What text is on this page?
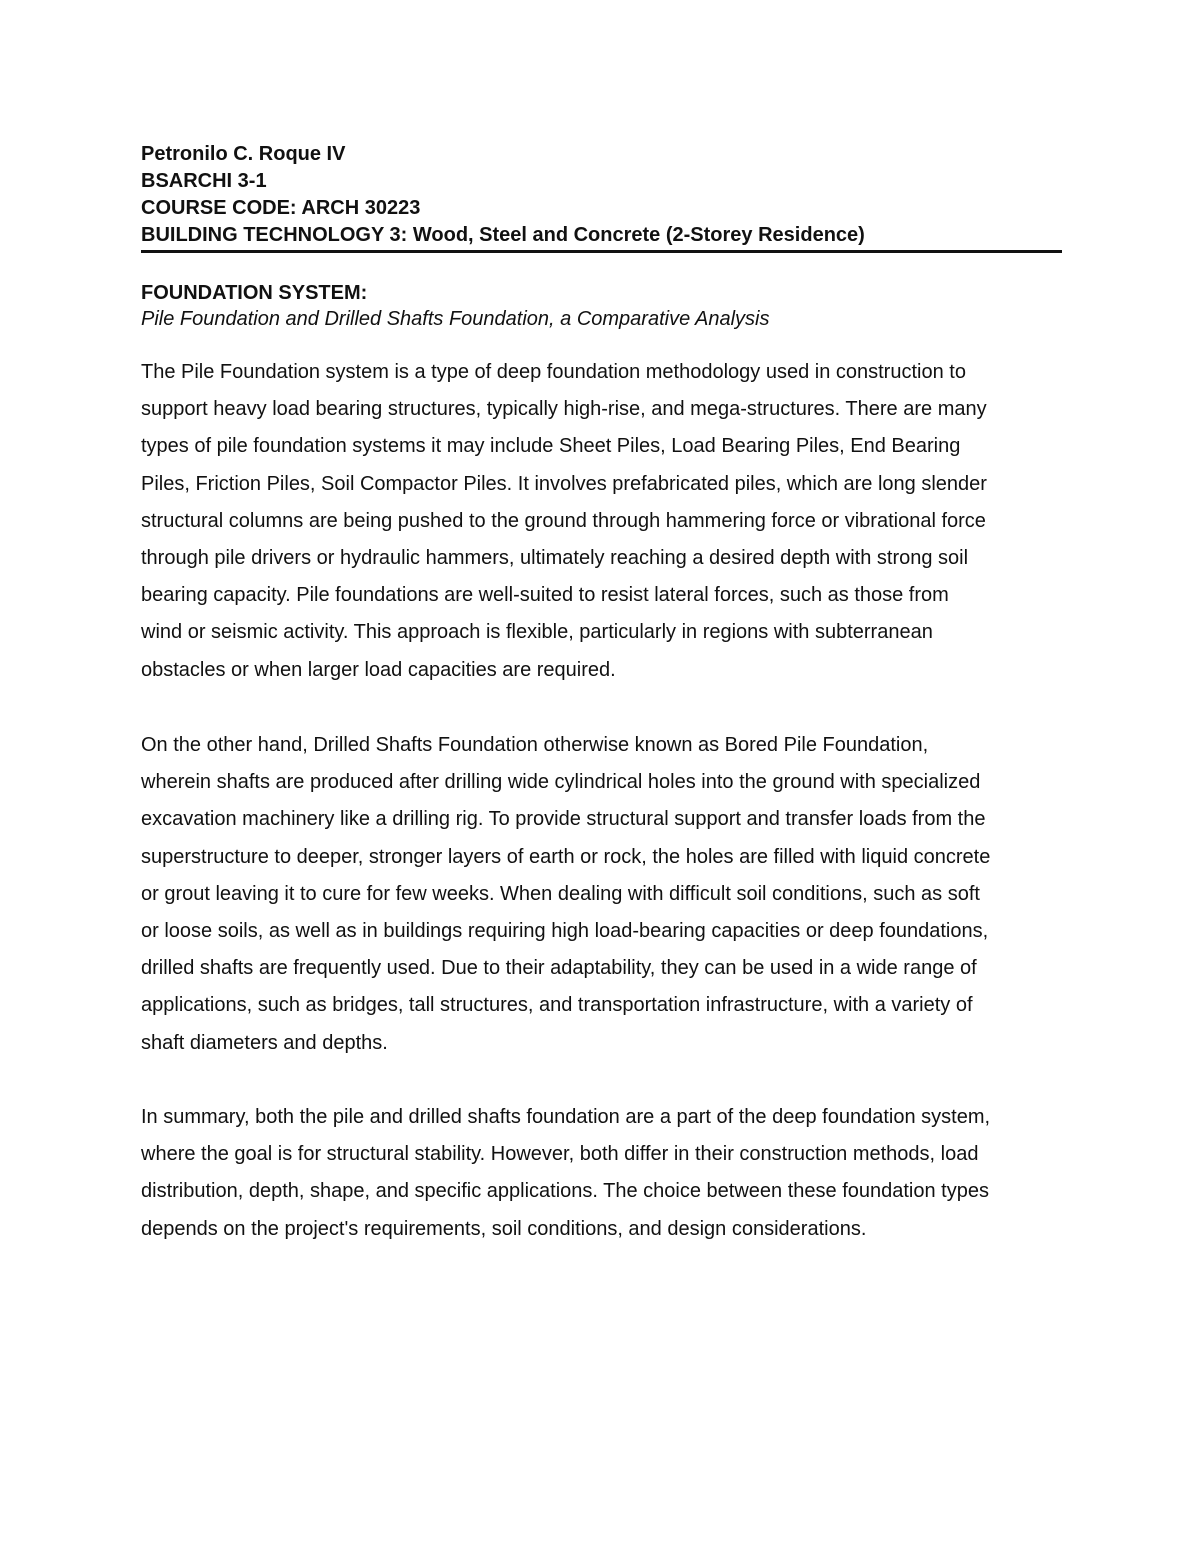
Petronilo C. Roque IV
BSARCHI 3-1
COURSE CODE: ARCH 30223
BUILDING TECHNOLOGY 3: Wood, Steel and Concrete (2-Storey Residence)
FOUNDATION SYSTEM:
Pile Foundation and Drilled Shafts Foundation, a Comparative Analysis
The Pile Foundation system is a type of deep foundation methodology used in construction to
support heavy load bearing structures, typically high-rise, and mega-structures. There are many
types of pile foundation systems it may include Sheet Piles, Load Bearing Piles, End Bearing
Piles, Friction Piles, Soil Compactor Piles. It involves prefabricated piles, which are long slender
structural columns are being pushed to the ground through hammering force or vibrational force
through pile drivers or hydraulic hammers, ultimately reaching a desired depth with strong soil
bearing capacity. Pile foundations are well-suited to resist lateral forces, such as those from
wind or seismic activity. This approach is flexible, particularly in regions with subterranean
obstacles or when larger load capacities are required.
On the other hand, Drilled Shafts Foundation otherwise known as Bored Pile Foundation,
wherein shafts are produced after drilling wide cylindrical holes into the ground with specialized
excavation machinery like a drilling rig. To provide structural support and transfer loads from the
superstructure to deeper, stronger layers of earth or rock, the holes are filled with liquid concrete
or grout leaving it to cure for few weeks. When dealing with difficult soil conditions, such as soft
or loose soils, as well as in buildings requiring high load-bearing capacities or deep foundations,
drilled shafts are frequently used. Due to their adaptability, they can be used in a wide range of
applications, such as bridges, tall structures, and transportation infrastructure, with a variety of
shaft diameters and depths.
In summary, both the pile and drilled shafts foundation are a part of the deep foundation system,
where the goal is for structural stability. However, both differ in their construction methods, load
distribution, depth, shape, and specific applications. The choice between these foundation types
depends on the project's requirements, soil conditions, and design considerations.
